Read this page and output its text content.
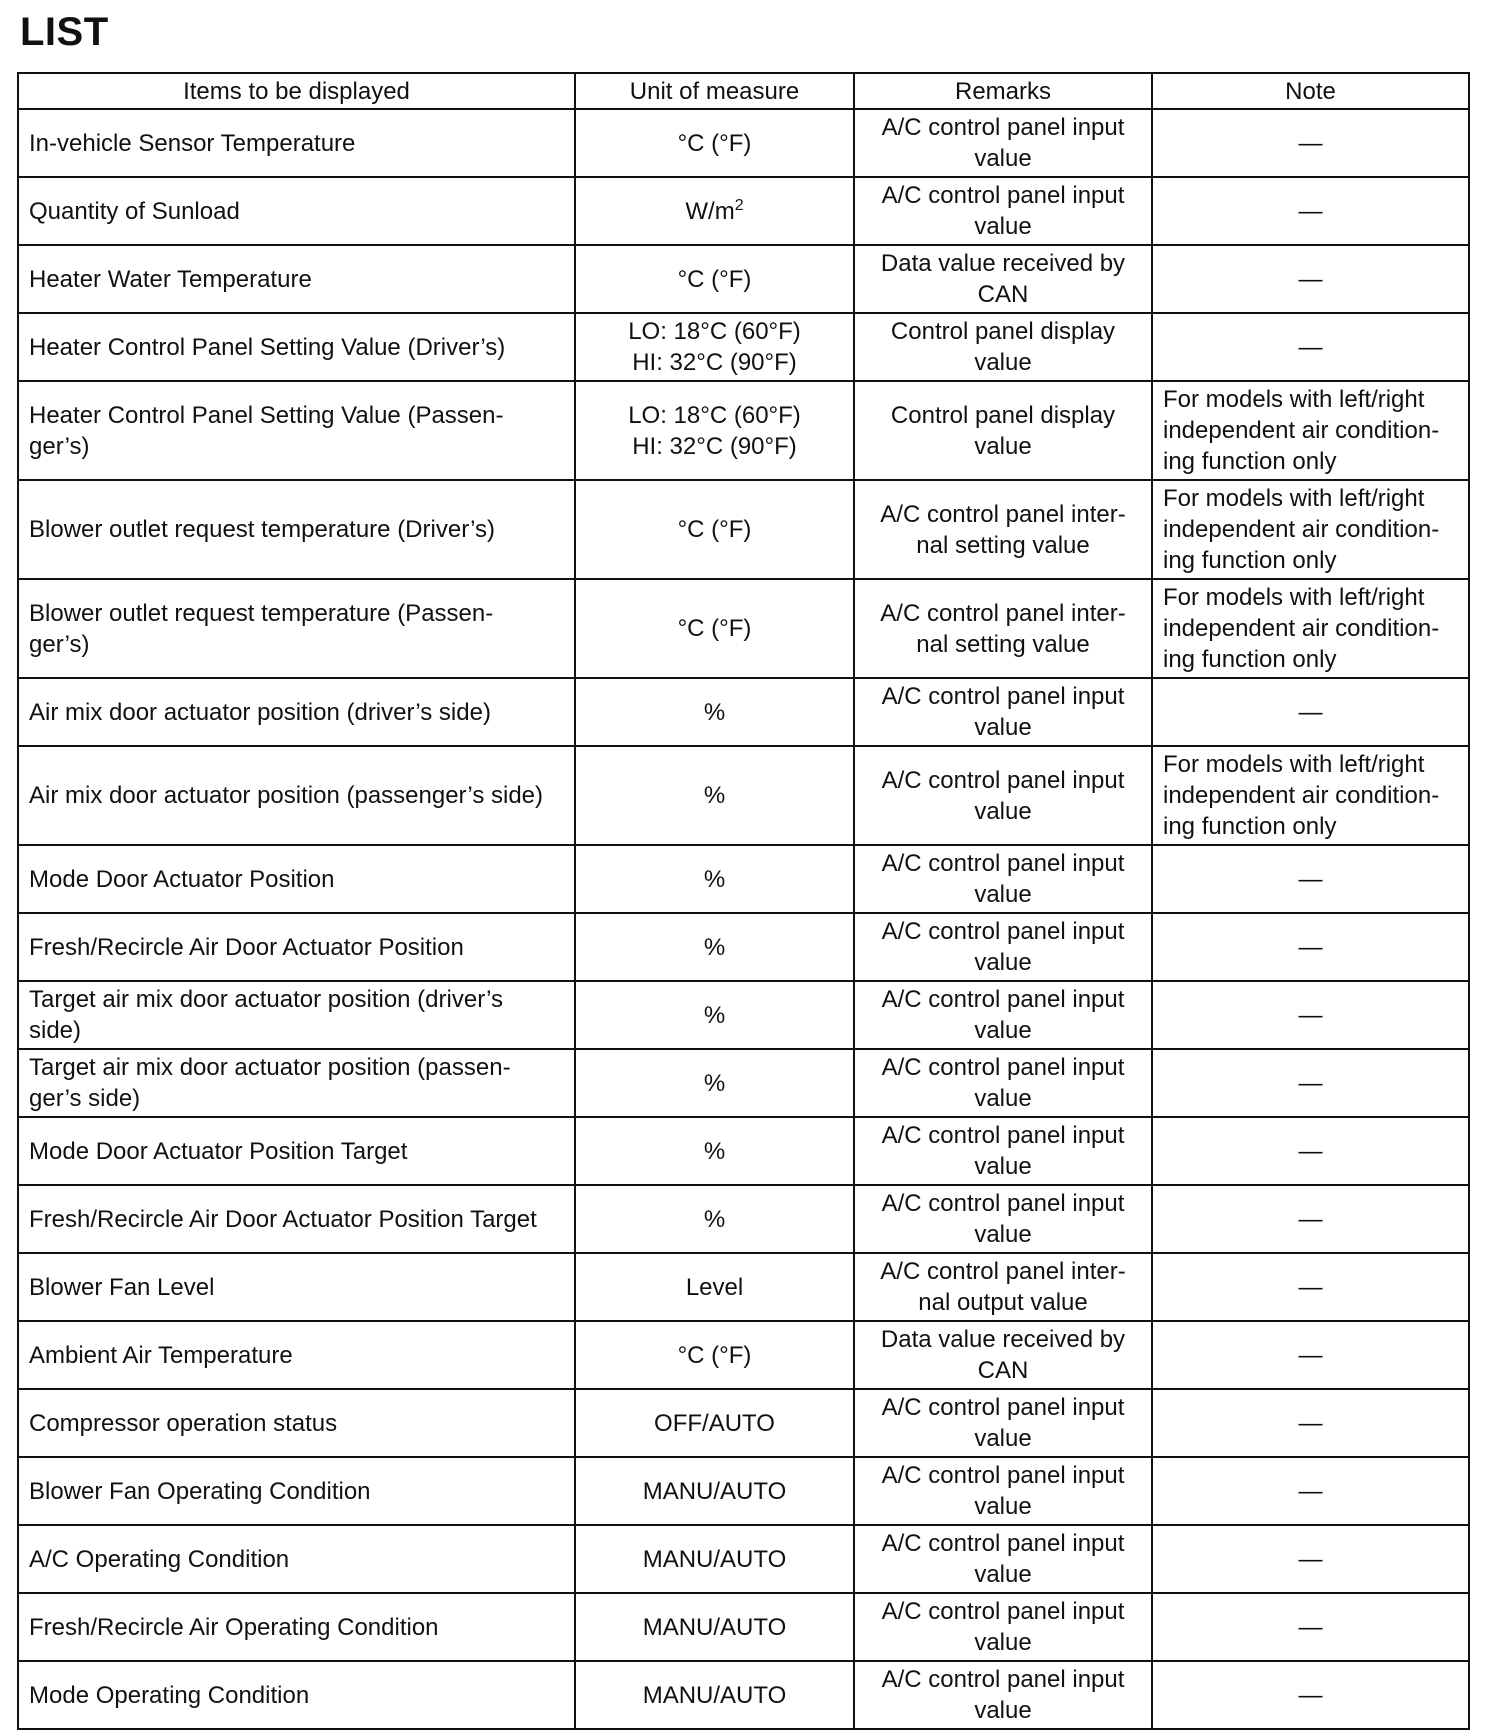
LIST
Items to be displayed	Unit of measure	Remarks	Note

In-vehicle Sensor Temperature	°C (°F)	A/C control panel input
value	—

Quantity of Sunload	$W/m^2$	A/C control panel input
value	—

Heater Water Temperature	°C (°F)	Data value received by
CAN	—

Heater Control Panel Setting Value (Driver’s)	LO: 18°C (60°F)
HI: 32°C (90°F)	Control panel display
value	—

Heater Control Panel Setting Value (Passen-
ger’s)	LO: 18°C (60°F)
HI: 32°C (90°F)	Control panel display
value	For models with left/right
independent air condition-
ing function only

Blower outlet request temperature (Driver’s)	°C (°F)	A/C control panel inter-
nal setting value	For models with left/right
independent air condition-
ing function only

Blower outlet request temperature (Passen-
ger’s)	°C (°F)	A/C control panel inter-
nal setting value	For models with left/right
independent air condition-
ing function only

Air mix door actuator position (driver’s side)	%	A/C control panel input
value	—

Air mix door actuator position (passenger’s side)	%	A/C control panel input
value	For models with left/right
independent air condition-
ing function only

Mode Door Actuator Position	%	A/C control panel input
value	—

Fresh/Recircle Air Door Actuator Position	%	A/C control panel input
value	—

Target air mix door actuator position (driver’s
side)	%	A/C control panel input
value	—

Target air mix door actuator position (passen-
ger’s side)	%	A/C control panel input
value	—

Mode Door Actuator Position Target	%	A/C control panel input
value	—

Fresh/Recircle Air Door Actuator Position Target	%	A/C control panel input
value	—

Blower Fan Level	Level	A/C control panel inter-
nal output value	—

Ambient Air Temperature	°C (°F)	Data value received by
CAN	—

Compressor operation status	OFF/AUTO	A/C control panel input
value	—

Blower Fan Operating Condition	MANU/AUTO	A/C control panel input
value	—

A/C Operating Condition	MANU/AUTO	A/C control panel input
value	—

Fresh/Recircle Air Operating Condition	MANU/AUTO	A/C control panel input
value	—

Mode Operating Condition	MANU/AUTO	A/C control panel input
value	—
